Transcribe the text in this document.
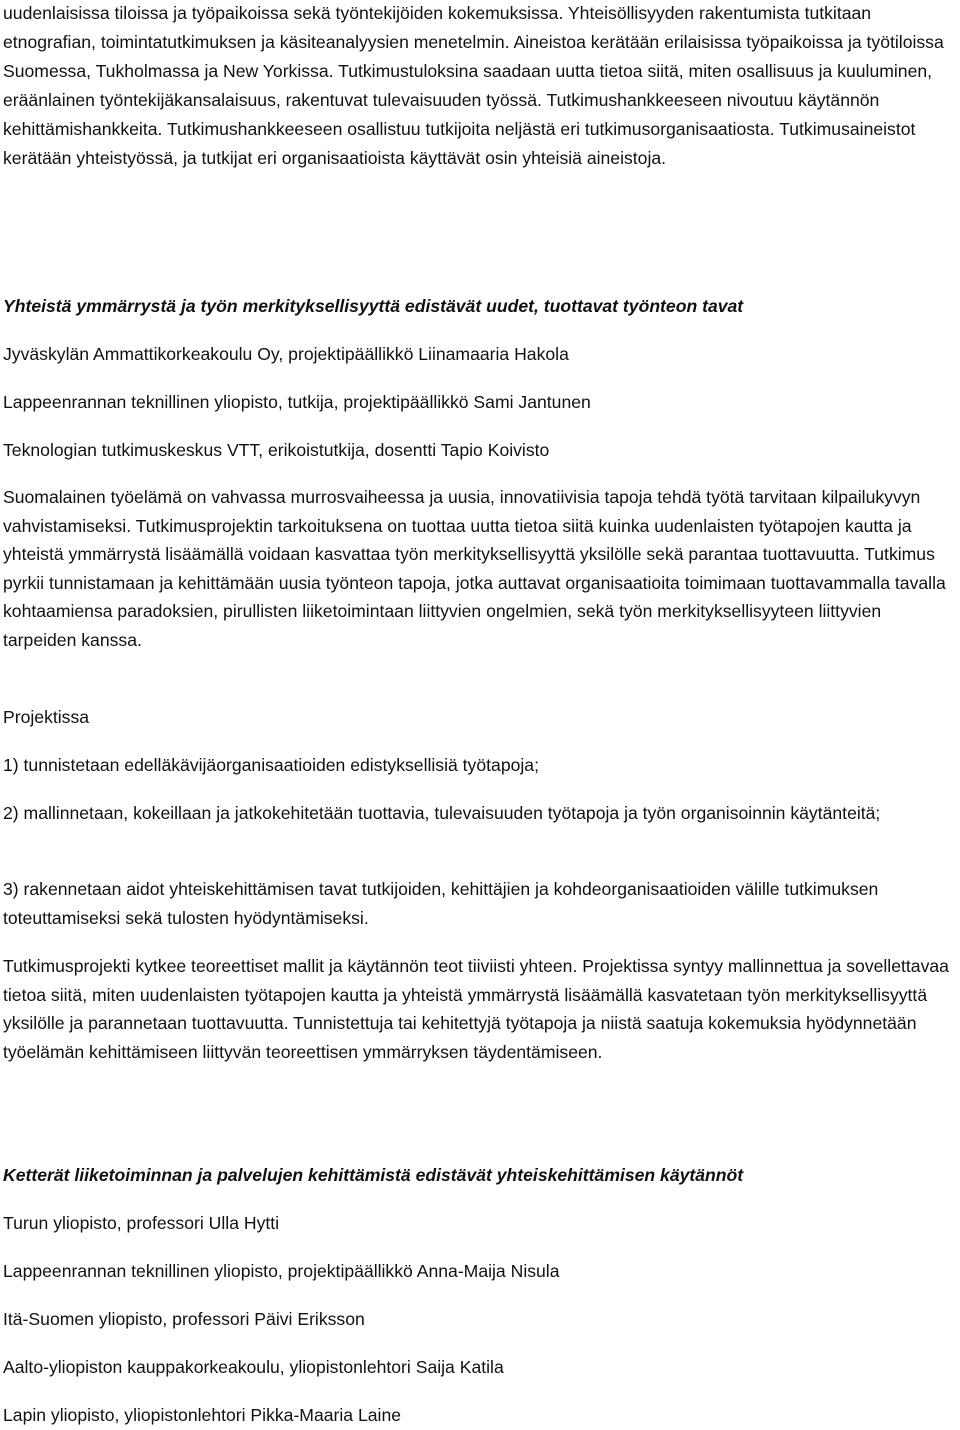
uudenlaisissa tiloissa ja työpaikoissa sekä työntekijöiden kokemuksissa. Yhteisöllisyyden rakentumista tutkitaan etnografian, toimintatutkimuksen ja käsiteanalyysien menetelmin. Aineistoa kerätään erilaisissa työpaikoissa ja työtiloissa Suomessa, Tukholmassa ja New Yorkissa. Tutkimustuloksina saadaan uutta tietoa siitä, miten osallisuus ja kuuluminen, eräänlainen työntekijäkansalaisuus, rakentuvat tulevaisuuden työssä. Tutkimushankkeeseen nivoutuu käytännön kehittämishankkeita. Tutkimushankkeeseen osallistuu tutkijoita neljästä eri tutkimusorganisaatiosta. Tutkimusaineistot kerätään yhteistyössä, ja tutkijat eri organisaatioista käyttävät osin yhteisiä aineistoja.

Yhteistä ymmärrystä ja työn merkityksellisyyttä edistävät uudet, tuottavat työnteon tavat

Jyväskylän Ammattikorkeakoulu Oy, projektipäällikkö Liinamaaria Hakola

Lappeenrannan teknillinen yliopisto, tutkija, projektipäällikkö Sami Jantunen

Teknologian tutkimuskeskus VTT, erikoistutkija, dosentti Tapio Koivisto

Suomalainen työelämä on vahvassa murrosvaiheessa ja uusia, innovatiivisia tapoja tehdä työtä tarvitaan kilpailukyvyn vahvistamiseksi. Tutkimusprojektin tarkoituksena on tuottaa uutta tietoa siitä kuinka uudenlaisten työtapojen kautta ja yhteistä ymmärrystä lisäämällä voidaan kasvattaa työn merkityksellisyyttä yksilölle sekä parantaa tuottavuutta. Tutkimus pyrkii tunnistamaan ja kehittämään uusia työnteon tapoja, jotka auttavat organisaatioita toimimaan tuottavammalla tavalla kohtaamiensa paradoksien, pirullisten liiketoimintaan liittyvien ongelmien, sekä työn merkityksellisyyteen liittyvien tarpeiden kanssa.

Projektissa

1) tunnistetaan edelläkävijäorganisaatioiden edistyksellisiä työtapoja;

2) mallinnetaan, kokeillaan ja jatkokehitetään tuottavia, tulevaisuuden työtapoja ja työn organisoinnin käytänteitä;

3) rakennetaan aidot yhteiskehittämisen tavat tutkijoiden, kehittäjien ja kohdeorganisaatioiden välille tutkimuksen toteuttamiseksi sekä tulosten hyödyntämiseksi.

Tutkimusprojekti kytkee teoreettiset mallit ja käytännön teot tiiviisti yhteen. Projektissa syntyy mallinnettua ja sovellettavaa tietoa siitä, miten uudenlaisten työtapojen kautta ja yhteistä ymmärrystä lisäämällä kasvatetaan työn merkityksellisyyttä yksilölle ja parannetaan tuottavuutta. Tunnistettuja tai kehitettyjä työtapoja ja niistä saatuja kokemuksia hyödynnetään työelämän kehittämiseen liittyvän teoreettisen ymmärryksen täydentämiseen.

Ketterät liiketoiminnan ja palvelujen kehittämistä edistävät yhteiskehittämisen käytännöt

Turun yliopisto, professori Ulla Hytti

Lappeenrannan teknillinen yliopisto, projektipäällikkö Anna-Maija Nisula

Itä-Suomen yliopisto, professori Päivi Eriksson

Aalto-yliopiston kauppakorkeakoulu, yliopistonlehtori Saija Katila

Lapin yliopisto, yliopistonlehtori Pikka-Maaria Laine
